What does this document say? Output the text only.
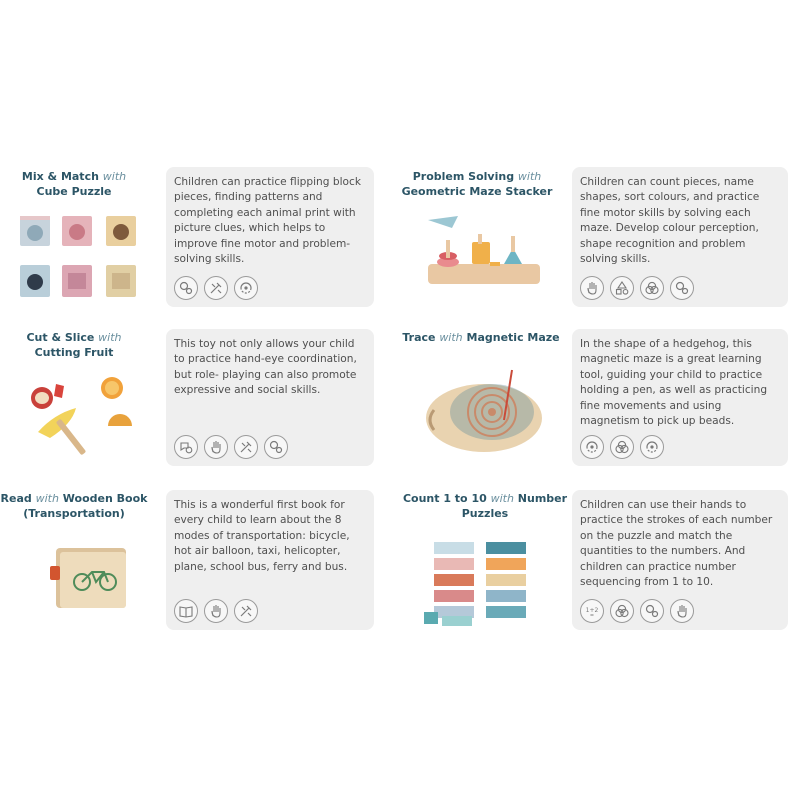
Mix & Match with
Cube Puzzle

Children can practice flipping block pieces, finding patterns and completing each animal print with picture clues, which helps to improve fine motor and problem-solving skills.

Problem Solving with
Geometric Maze Stacker

Children can count pieces, name shapes, sort colours, and practice fine motor skills by solving each maze. Develop colour perception, shape recognition and problem solving skills.

Cut & Slice with
Cutting Fruit

This toy not only allows your child to practice hand-eye coordination, but role- playing can also promote expressive and social skills.

Trace with Magnetic Maze In the shape of a hedgehog, this magnetic maze is a great learning tool, guiding your child to practice holding a pen, as well as practicing fine movements and using magnetism to pick up beads.

Read with Wooden Book (Transportation)

This is a wonderful first book for every child to learn about the 8 modes of transportation: bicycle, hot air balloon, taxi, helicopter, plane, school bus, ferry and bus.

Count 1 to 10 with Number Puzzles

Children can use their hands to practice the strokes of each number on the puzzle and match the quantities to the numbers. And children can practice number sequencing from 1 to 10.

1+2
=
